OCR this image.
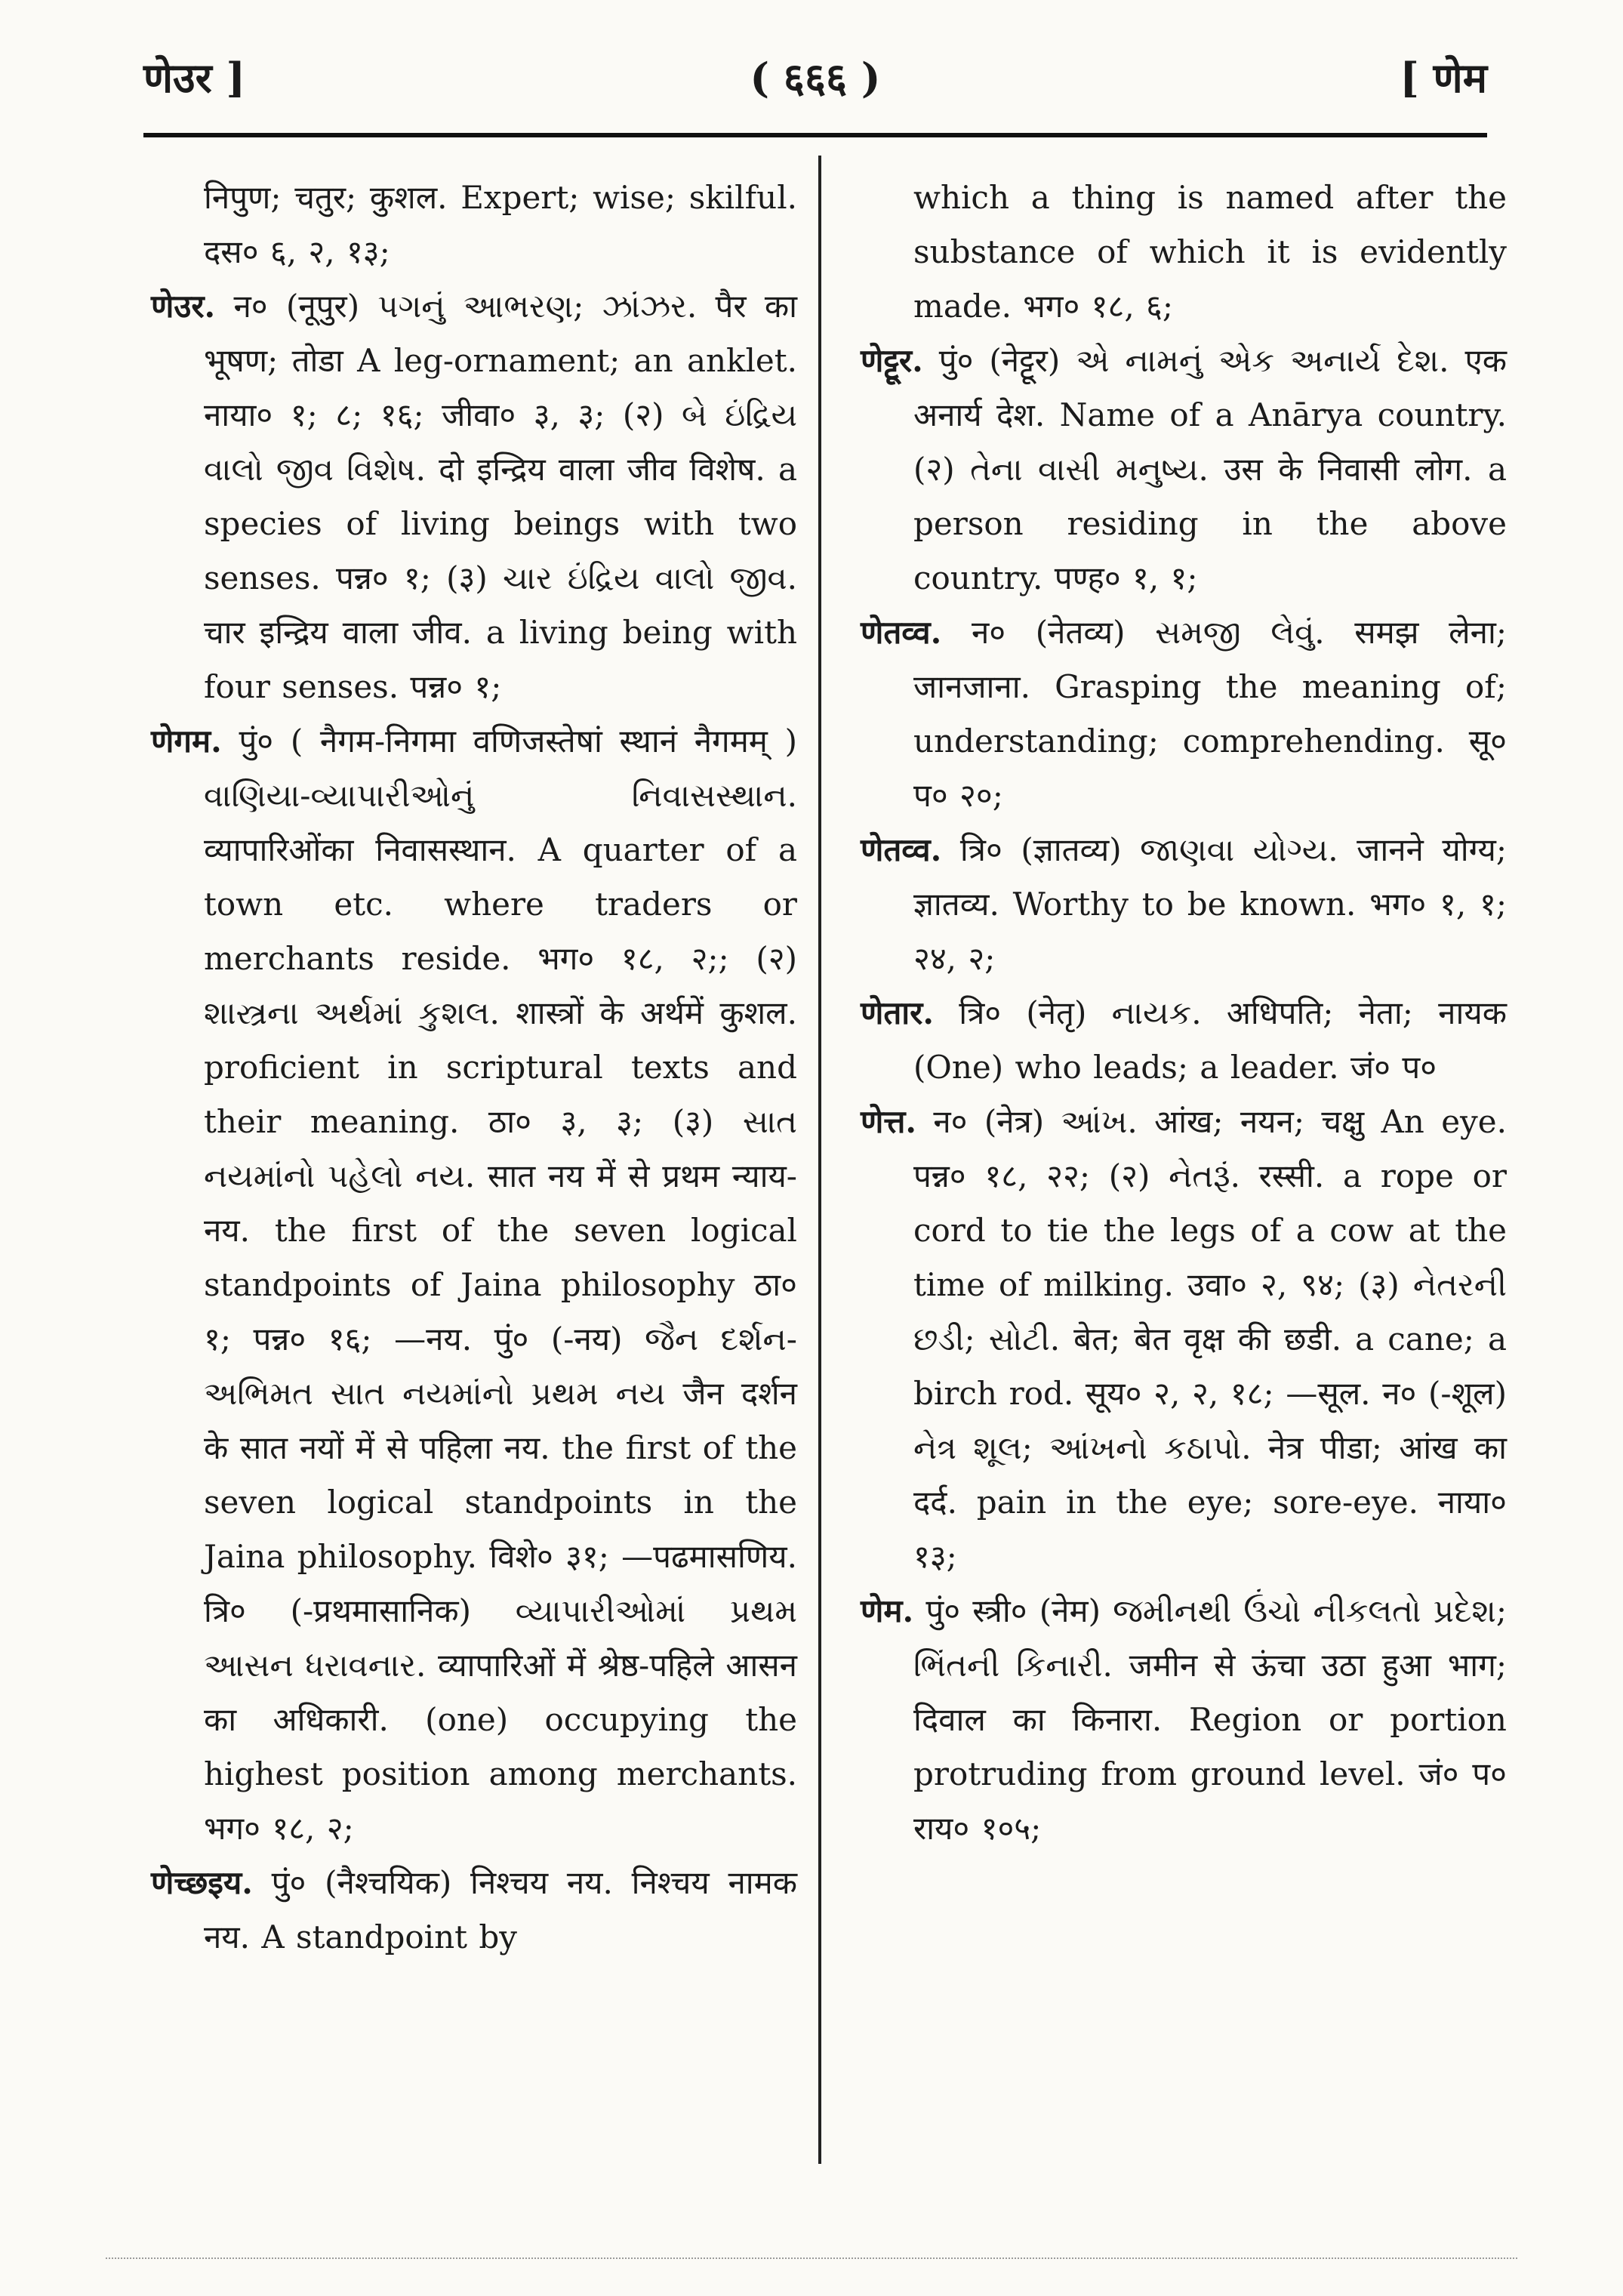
णेउर ]	( ६६६ )	[ णेम

निपुण; चतुर; कुशल. Expert; wise; skilful. दस० ६, २, १३;

णेउर. न० (नूपुर) પગનું આભરણ; ઝાંઝર. पैर का भूषण; तोडा A leg-ornament; an anklet. नाया० १; ८; १६; जीवा० ३, ३; (२) બે ઇંદ્રિય વાલો જીવ વિશેષ. दो इन्द्रिय वाला जीव विशेष. a species of living beings with two senses. पन्न० १; (३) ચાર ઇંદ્રિય વાલો જીવ. चार इन्द्रिय वाला जीव. a living being with four senses. पन्न० १;

णेगम. पुं० ( नैगम-निगमा वणिजस्तेषां स्थानं नैगमम् ) વાણિયા-વ્યાપારીઓનું નિવાસસ્થાન. व्यापारिओंका निवासस्थान. A quarter of a town etc. where traders or merchants reside. भग० १८, २;; (२) શાસ્ત્રના અર્થમાં કુશલ. शास्त्रों के अर्थमें कुशल. proficient in scriptural texts and their meaning. ठा० ३, ३; (३) સાત નયમાંનો પહેલો નય. सात नय में से प्रथम न्याय-नय. the first of the seven logical standpoints of Jaina philosophy ठा० १; पन्न० १६; —नय. पुं० (-नय) જૈન દર્શન-અભિમત સાત નયમાંનો પ્રથમ નય जैन दर्शन के सात नयों में से पहिला नय. the first of the seven logical standpoints in the Jaina philosophy. विशे० ३१; —पढमासणिय. त्रि० (-प्रथमासानिक) વ્યાપારીઓમાં પ્રથમ આસન ધરાવનાર. व्यापारिओं में श्रेष्ठ-पहिले आसन का अधिकारी. (one) occupying the highest position among merchants. भग० १८, २;

णेच्छइय. पुं० (नैश्चयिक) निश्चय नय. निश्चय नामक नय. A standpoint by

which a thing is named after the substance of which it is evidently made. भग० १८, ६;

णेट्टूर. पुं० (नेट्टूर) એ નામનું એક અનાર્ય દેશ. एक अनार्य देश. Name of a Anārya country. (२) તેના વાસી મનુષ્ય. उस के निवासी लोग. a person residing in the above country. पण्ह० १, १;

णेतव्व. न० (नेतव्य) સમજી લેવું. समझ लेना; जानजाना. Grasping the meaning of; understanding; comprehending. सू० प० २०;

णेतव्व. त्रि० (ज्ञातव्य) જાણવા યોગ્ય. जानने योग्य; ज्ञातव्य. Worthy to be known. भग० १, १; २४, २;

णेतार. त्रि० (नेतृ) નાયક. अधिपति; नेता; नायक (One) who leads; a leader. जं० प०

णेत्त. न० (नेत्र) આંખ. आंख; नयन; चक्षु An eye. पन्न० १८, २२; (२) નેતરૂં. रस्सी. a rope or cord to tie the legs of a cow at the time of milking. उवा० २, ९४; (३) નેતરની છડી; સોટી. बेत; बेत वृक्ष की छडी. a cane; a birch rod. सूय० २, २, १८; —सूल. न० (-शूल) નેત્ર શૂલ; આંખનો કઠાપો. नेत्र पीडा; आंख का दर्द. pain in the eye; sore-eye. नाया० १३;

णेम. पुं० स्त्री० (नेम) જમીનથી ઉંચો નીકલતો પ્રદેશ; ભિંતની કિનારી. जमीन से ऊंचा उठा हुआ भाग; दिवाल का किनारा. Region or portion protruding from ground level. जं० प० राय० १०५;
